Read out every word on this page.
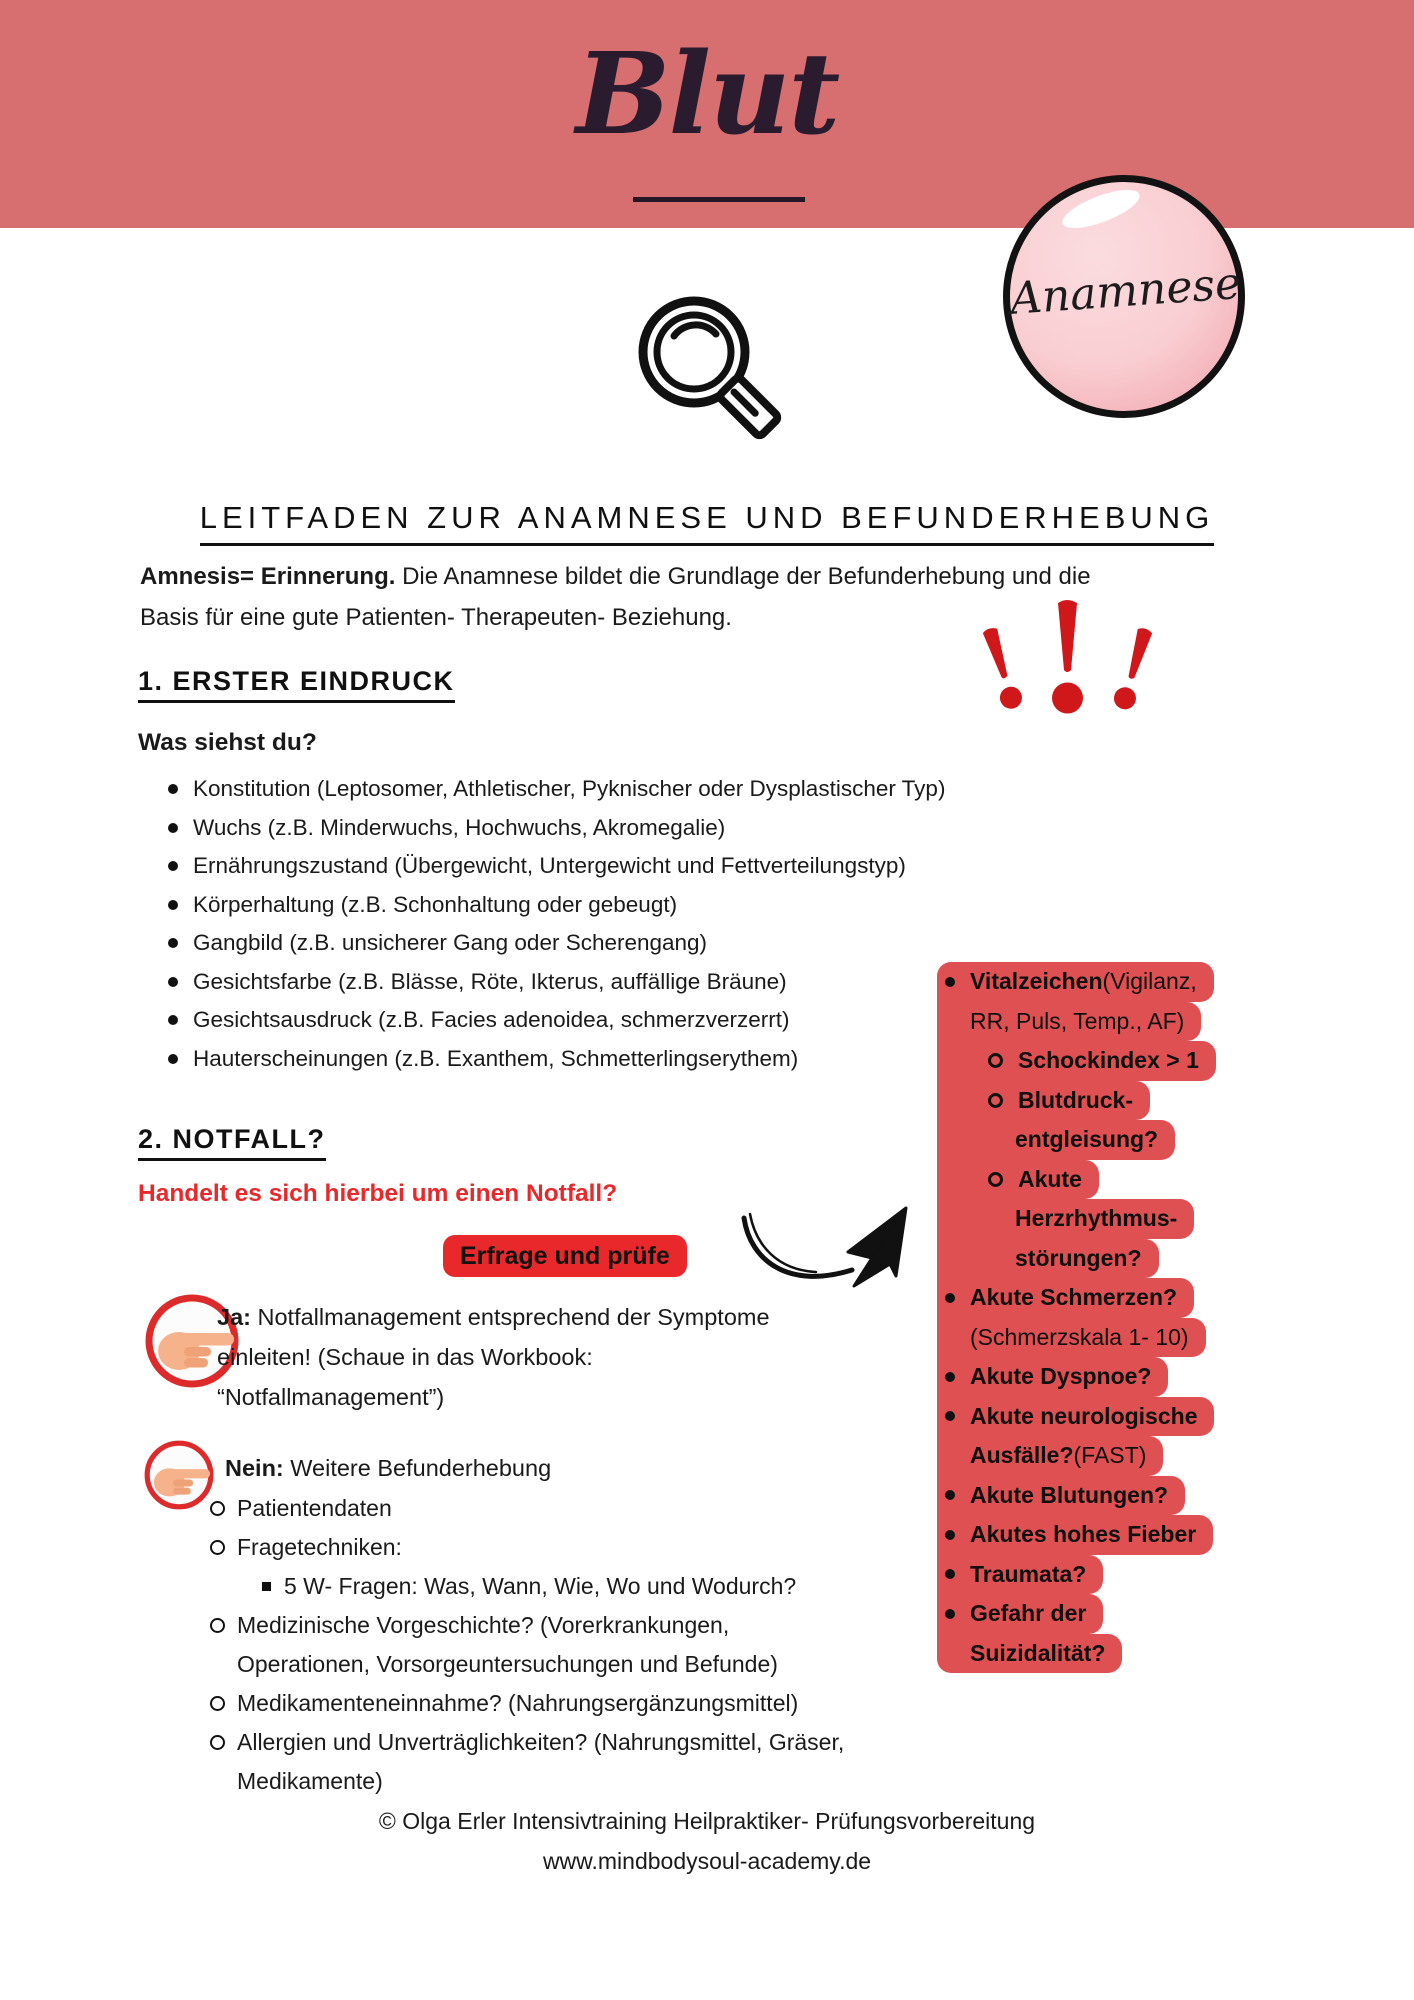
Blut
Anamnese
LEITFADEN ZUR ANAMNESE UND BEFUNDERHEBUNG
Amnesis= Erinnerung. Die Anamnese bildet die Grundlage der Befunderhebung und die
Basis für eine gute Patienten- Therapeuten- Beziehung.
1. ERSTER EINDRUCK
Was siehst du?
Konstitution (Leptosomer, Athletischer, Pyknischer oder Dysplastischer Typ)
Wuchs (z.B. Minderwuchs, Hochwuchs, Akromegalie)
Ernährungszustand (Übergewicht, Untergewicht und Fettverteilungstyp)
Körperhaltung (z.B. Schonhaltung oder gebeugt)
Gangbild (z.B. unsicherer Gang oder Scherengang)
Gesichtsfarbe (z.B. Blässe, Röte, Ikterus, auffällige Bräune)
Gesichtsausdruck (z.B. Facies adenoidea, schmerzverzerrt)
Hauterscheinungen (z.B. Exanthem, Schmetterlingserythem)
2. NOTFALL?
Handelt es sich hierbei um einen Notfall?
Erfrage und prüfe
Ja: Notfallmanagement entsprechend der Symptome
einleiten! (Schaue in das Workbook:
“Notfallmanagement”)
Nein: Weitere Befunderhebung
Patientendaten
Fragetechniken:
5 W- Fragen: Was, Wann, Wie, Wo und Wodurch?
Medizinische Vorgeschichte? (Vorerkrankungen,
Operationen, Vorsorgeuntersuchungen und Befunde)
Medikamenteneinnahme? (Nahrungsergänzungsmittel)
Allergien und Unverträglichkeiten? (Nahrungsmittel, Gräser,
Medikamente)
Vitalzeichen (Vigilanz,
RR, Puls, Temp., AF)
Schockindex > 1
Blutdruck-
entgleisung?
Akute
Herzrhythmus-
störungen?
Akute Schmerzen?
(Schmerzskala 1- 10)
Akute Dyspnoe?
Akute neurologische
Ausfälle? (FAST)
Akute Blutungen?
Akutes hohes Fieber
Traumata?
Gefahr der
Suizidalität?
© Olga Erler Intensivtraining Heilpraktiker- Prüfungsvorbereitung
www.mindbodysoul-academy.de
